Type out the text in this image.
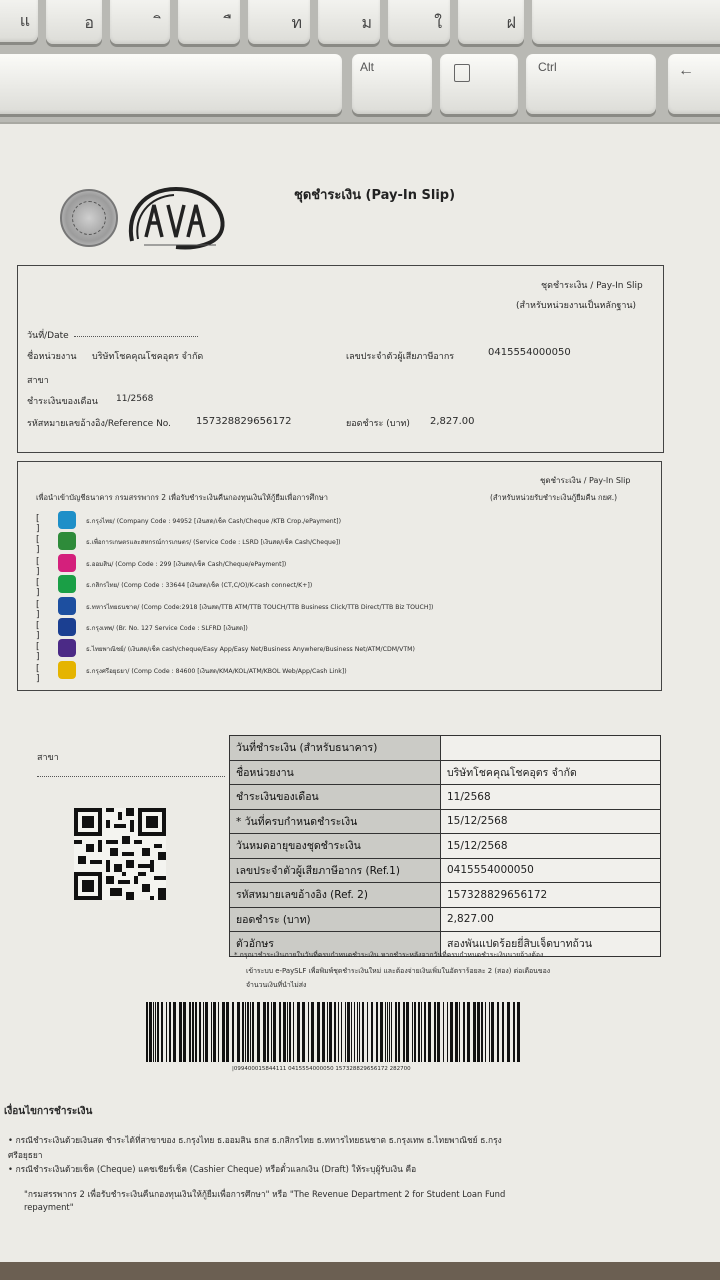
แ	อ	ท	ม	ใ	ฝ
Alt	Ctrl	←
ชุดชำระเงิน (Pay-In Slip)
ชุดชำระเงิน / Pay-In Slip
(สำหรับหน่วยงานเป็นหลักฐาน)
วันที่/Date
ชื่อหน่วยงาน บริษัทโชคคุณโชคอุตร จำกัด	เลขประจำตัวผู้เสียภาษีอากร	0415554000050
สาขา
ชำระเงินของเดือน 11/2568
รหัสหมายเลขอ้างอิง/Reference No. 157328829656172	ยอดชำระ (บาท) 2,827.00
ชุดชำระเงิน / Pay-In Slip
(สำหรับหน่วยรับชำระเงินกู้ยืมคืน กยศ.)
เพื่อนำเข้าบัญชีธนาคาร กรมสรรพากร 2 เพื่อรับชำระเงินคืนกองทุนเงินให้กู้ยืมเพื่อการศึกษา
[ ]
ธ.กรุงไทย/ (Company Code : 94952 [เงินสด/เช็ค Cash/Cheque /KTB Crop./ePayment])
[ ]
ธ.เพื่อการเกษตรและสหกรณ์การเกษตร/ (Service Code : LSRD [เงินสด/เช็ค Cash/Cheque])
[ ]
ธ.ออมสิน/ (Comp Code : 299 [เงินสด/เช็ค Cash/Cheque/ePayment])
[ ]
ธ.กสิกรไทย/ (Comp Code : 33644 [เงินสด/เช็ค (CT,C/O)/K-cash connect/K+])
[ ]
ธ.ทหารไทยธนชาต/ (Comp Code:2918 [เงินสด/TTB ATM/TTB TOUCH/TTB Business Click/TTB Direct/TTB Biz TOUCH])
[ ]
ธ.กรุงเทพ/ (Br. No. 127 Service Code : SLFRD [เงินสด])
[ ]
ธ.ไทยพาณิชย์/ (เงินสด/เช็ค cash/cheque/Easy App/Easy Net/Business Anywhere/Business Net/ATM/CDM/VTM)
[ ]
ธ.กรุงศรีอยุธยา/ (Comp Code : 84600 [เงินสด/KMA/KOL/ATM/KBOL Web/App/Cash Link])
สาขา
วันที่ชำระเงิน (สำหรับธนาคาร)	
ชื่อหน่วยงาน	บริษัทโชคคุณโชคอุตร จำกัด
ชำระเงินของเดือน	11/2568
* วันที่ครบกำหนดชำระเงิน	15/12/2568
วันหมดอายุของชุดชำระเงิน	15/12/2568
เลขประจำตัวผู้เสียภาษีอากร (Ref.1)	0415554000050
รหัสหมายเลขอ้างอิง (Ref. 2)	157328829656172
ยอดชำระ (บาท)	2,827.00
ตัวอักษร	สองพันแปดร้อยยี่สิบเจ็ดบาทถ้วน
* กรุณาชำระเงินภายในวันที่ครบกำหนดชำระเงิน หากชำระหลังจากวันที่ครบกำหนดชำระเงินนายจ้างต้อง
เข้าระบบ e-PaySLF เพื่อพิมพ์ชุดชำระเงินใหม่ และต้องจ่ายเงินเพิ่มในอัตราร้อยละ 2 (สอง) ต่อเดือนของ
จำนวนเงินที่นำไม่ส่ง
|099400015844111 0415554000050 157328829656172 282700
เงื่อนไขการชำระเงิน
• กรณีชำระเงินด้วยเงินสด ชำระได้ที่สาขาของ ธ.กรุงไทย ธ.ออมสิน ธกส ธ.กสิกรไทย ธ.ทหารไทยธนชาต ธ.กรุงเทพ ธ.ไทยพาณิชย์ ธ.กรุง
ศรีอยุธยา
• กรณีชำระเงินด้วยเช็ค (Cheque) แคชเชียร์เช็ค (Cashier Cheque) หรือตั๋วแลกเงิน (Draft) ให้ระบุผู้รับเงิน คือ
"กรมสรรพากร 2 เพื่อรับชำระเงินคืนกองทุนเงินให้กู้ยืมเพื่อการศึกษา" หรือ "The Revenue Department 2 for Student Loan Fund
repayment"
